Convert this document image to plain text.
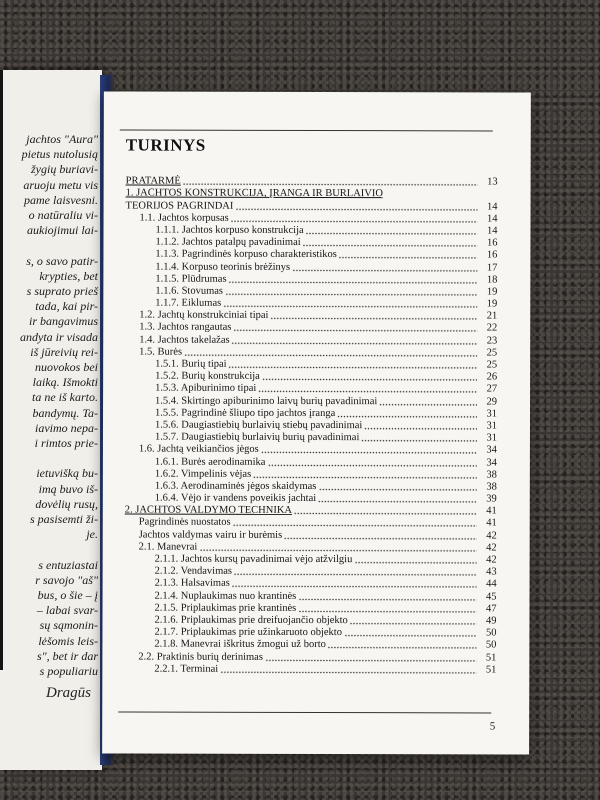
jachtos "Aura"
pietus nutolusią
žygių buriavi-
aruoju metu vis
pame laisvesni.
o natūraliu vi-
aukiojimui lai-
s, o savo patir-
krypties, bet
s suprato prieš
tada, kai pir-
ir bangavimus
andyta ir visada
iš jūreivių rei-
nuovokos bei
laiką. Išmokti
ta ne iš karto.
bandymų. Ta-
iavimo nepa-
i rimtos prie-
ietuvišką bu-
imą buvo iš-
dovėlių rusų,
s pasisemti ži-
je.
s entuziastai
r savojo "aš"
bus, o šie – į
– labai svar-
sų sąmonin-
lėšomis leis-
s", bet ir dar
s populiariu
Dragūs
TURINYS
PRATARMĖ	13
1. JACHTOS KONSTRUKCIJA, ĮRANGA IR BURLAIVIO
TEORIJOS PAGRINDAI	14
1.1. Jachtos korpusas	14
1.1.1. Jachtos korpuso konstrukcija	14
1.1.2. Jachtos patalpų pavadinimai	16
1.1.3. Pagrindinės korpuso charakteristikos	16
1.1.4. Korpuso teorinis brėžinys	17
1.1.5. Plūdrumas	18
1.1.6. Stovumas	19
1.1.7. Eiklumas	19
1.2. Jachtų konstrukciniai tipai	21
1.3. Jachtos rangautas	22
1.4. Jachtos takelažas	23
1.5. Burės	25
1.5.1. Burių tipai	25
1.5.2. Burių konstrukcija	26
1.5.3. Apiburinimo tipai	27
1.5.4. Skirtingo apiburinimo laivų burių pavadinimai	29
1.5.5. Pagrindinė šliupo tipo jachtos įranga	31
1.5.6. Daugiastiebių burlaivių stiebų pavadinimai	31
1.5.7. Daugiastiebių burlaivių burių pavadinimai	31
1.6. Jachtą veikiančios jėgos	34
1.6.1. Burės aerodinamika	34
1.6.2. Vimpelinis vėjas	38
1.6.3. Aerodinaminės jėgos skaidymas	38
1.6.4. Vėjo ir vandens poveikis jachtai	39
2. JACHTOS VALDYMO TECHNIKA	41
Pagrindinės nuostatos	41
Jachtos valdymas vairu ir burėmis	42
2.1. Manevrai	42
2.1.1. Jachtos kursų pavadinimai vėjo atžvilgiu	42
2.1.2. Vendavimas	43
2.1.3. Halsavimas	44
2.1.4. Nuplaukimas nuo krantinės	45
2.1.5. Priplaukimas prie krantinės	47
2.1.6. Priplaukimas prie dreifuojančio objekto	49
2.1.7. Priplaukimas prie užinkaruoto objekto	50
2.1.8. Manevrai iškritus žmogui už borto	50
2.2. Praktinis burių derinimas	51
2.2.1. Terminai	51
5
